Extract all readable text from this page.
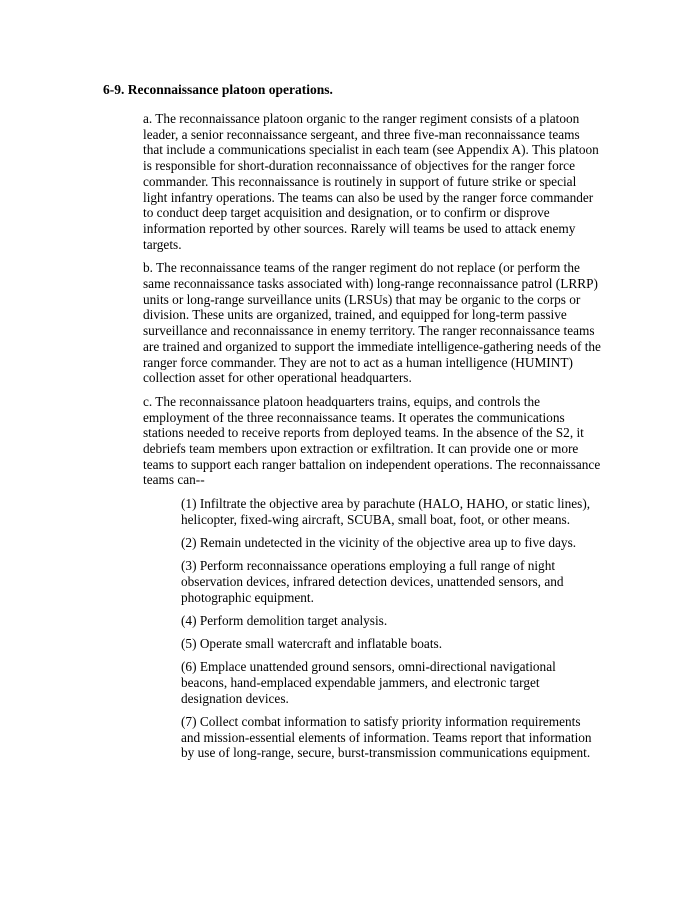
6-9. Reconnaissance platoon operations.

a. The reconnaissance platoon organic to the ranger regiment consists of a platoon leader, a senior reconnaissance sergeant, and three five-man reconnaissance teams that include a communications specialist in each team (see Appendix A). This platoon is responsible for short-duration reconnaissance of objectives for the ranger force commander. This reconnaissance is routinely in support of future strike or special light infantry operations. The teams can also be used by the ranger force commander to conduct deep target acquisition and designation, or to confirm or disprove information reported by other sources. Rarely will teams be used to attack enemy targets.

b. The reconnaissance teams of the ranger regiment do not replace (or perform the same reconnaissance tasks associated with) long-range reconnaissance patrol (LRRP) units or long-range surveillance units (LRSUs) that may be organic to the corps or division. These units are organized, trained, and equipped for long-term passive surveillance and reconnaissance in enemy territory. The ranger reconnaissance teams are trained and organized to support the immediate intelligence-gathering needs of the ranger force commander. They are not to act as a human intelligence (HUMINT) collection asset for other operational headquarters.

c. The reconnaissance platoon headquarters trains, equips, and controls the employment of the three reconnaissance teams. It operates the communications stations needed to receive reports from deployed teams. In the absence of the S2, it debriefs team members upon extraction or exfiltration. It can provide one or more teams to support each ranger battalion on independent operations. The reconnaissance teams can--

(1) Infiltrate the objective area by parachute (HALO, HAHO, or static lines), helicopter, fixed-wing aircraft, SCUBA, small boat, foot, or other means.
(2) Remain undetected in the vicinity of the objective area up to five days.
(3) Perform reconnaissance operations employing a full range of night observation devices, infrared detection devices, unattended sensors, and photographic equipment.
(4) Perform demolition target analysis.
(5) Operate small watercraft and inflatable boats.
(6) Emplace unattended ground sensors, omni-directional navigational beacons, hand-emplaced expendable jammers, and electronic target designation devices.
(7) Collect combat information to satisfy priority information requirements and mission-essential elements of information. Teams report that information by use of long-range, secure, burst-transmission communications equipment.
